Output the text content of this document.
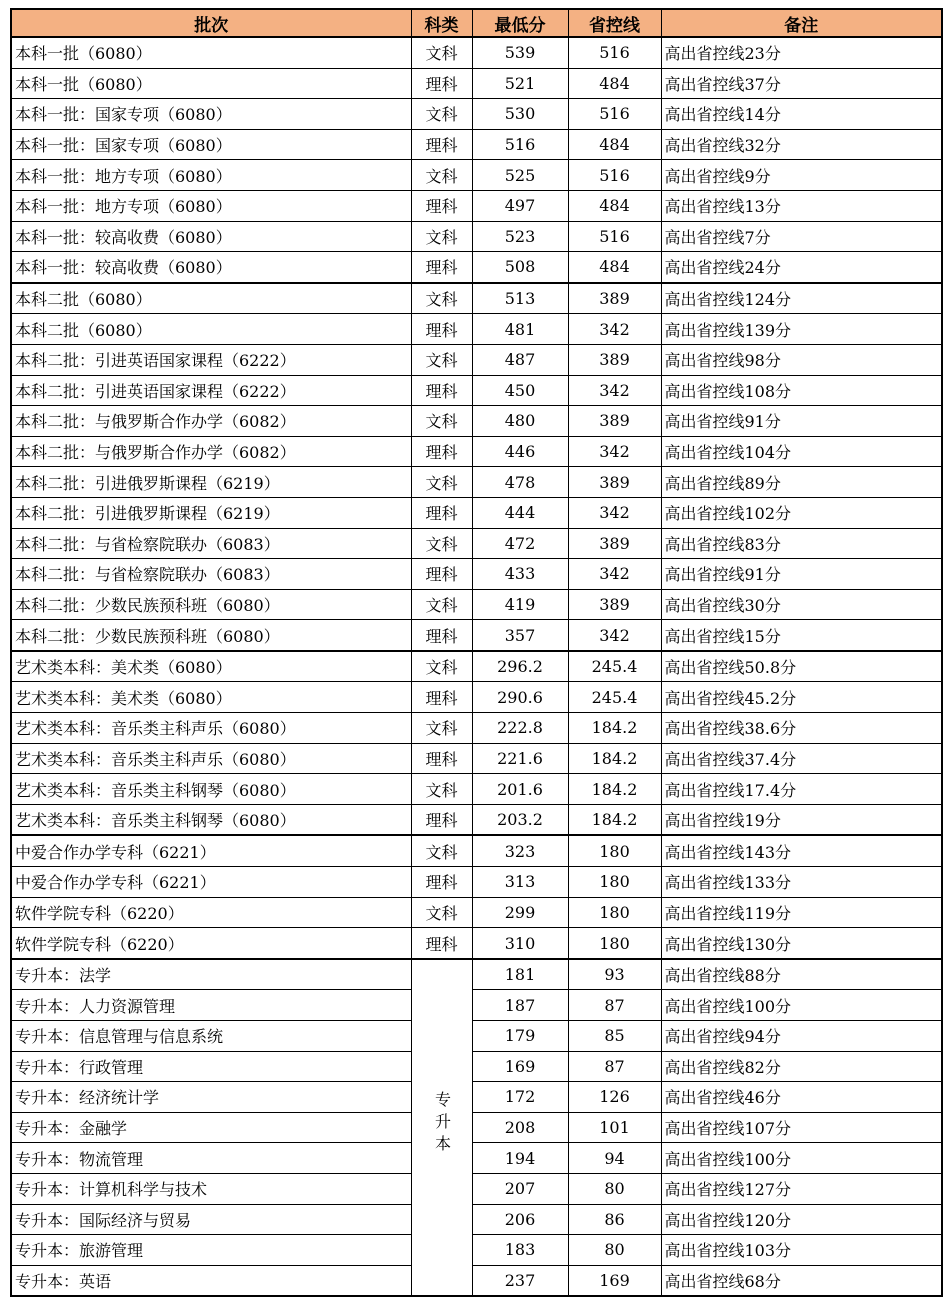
批次	科类	最低分	省控线	备注
本科一批（6080）	文科	539	516	高出省控线23分
本科一批（6080）	理科	521	484	高出省控线37分
本科一批：国家专项（6080）	文科	530	516	高出省控线14分
本科一批：国家专项（6080）	理科	516	484	高出省控线32分
本科一批：地方专项（6080）	文科	525	516	高出省控线9分
本科一批：地方专项（6080）	理科	497	484	高出省控线13分
本科一批：较高收费（6080）	文科	523	516	高出省控线7分
本科一批：较高收费（6080）	理科	508	484	高出省控线24分
本科二批（6080）	文科	513	389	高出省控线124分
本科二批（6080）	理科	481	342	高出省控线139分
本科二批：引进英语国家课程（6222）	文科	487	389	高出省控线98分
本科二批：引进英语国家课程（6222）	理科	450	342	高出省控线108分
本科二批：与俄罗斯合作办学（6082）	文科	480	389	高出省控线91分
本科二批：与俄罗斯合作办学（6082）	理科	446	342	高出省控线104分
本科二批：引进俄罗斯课程（6219）	文科	478	389	高出省控线89分
本科二批：引进俄罗斯课程（6219）	理科	444	342	高出省控线102分
本科二批：与省检察院联办（6083）	文科	472	389	高出省控线83分
本科二批：与省检察院联办（6083）	理科	433	342	高出省控线91分
本科二批：少数民族预科班（6080）	文科	419	389	高出省控线30分
本科二批：少数民族预科班（6080）	理科	357	342	高出省控线15分
艺术类本科：美术类（6080）	文科	296.2	245.4	高出省控线50.8分
艺术类本科：美术类（6080）	理科	290.6	245.4	高出省控线45.2分
艺术类本科：音乐类主科声乐（6080）	文科	222.8	184.2	高出省控线38.6分
艺术类本科：音乐类主科声乐（6080）	理科	221.6	184.2	高出省控线37.4分
艺术类本科：音乐类主科钢琴（6080）	文科	201.6	184.2	高出省控线17.4分
艺术类本科：音乐类主科钢琴（6080）	理科	203.2	184.2	高出省控线19分
中爱合作办学专科（6221）	文科	323	180	高出省控线143分
中爱合作办学专科（6221）	理科	313	180	高出省控线133分
软件学院专科（6220）	文科	299	180	高出省控线119分
软件学院专科（6220）	理科	310	180	高出省控线130分
专升本：法学	专升本	181	93	高出省控线88分
专升本：人力资源管理		187	87	高出省控线100分
专升本：信息管理与信息系统		179	85	高出省控线94分
专升本：行政管理		169	87	高出省控线82分
专升本：经济统计学		172	126	高出省控线46分
专升本：金融学		208	101	高出省控线107分
专升本：物流管理		194	94	高出省控线100分
专升本：计算机科学与技术		207	80	高出省控线127分
专升本：国际经济与贸易		206	86	高出省控线120分
专升本：旅游管理		183	80	高出省控线103分
专升本：英语		237	169	高出省控线68分
